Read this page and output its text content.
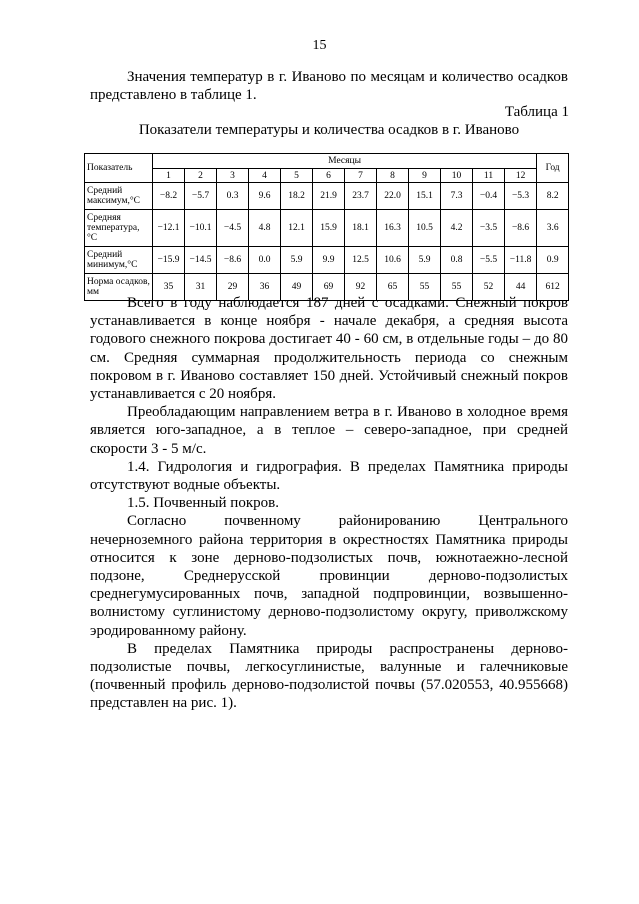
15

Значения температур в г. Иваново по месяцам и количество осадков представлено в таблице 1.

Таблица 1
Показатели температуры и количества осадков в г. Иваново
Показатель	Месяцы												Год
	1	2	3	4	5	6	7	8	9	10	11	12	
Средний максимум,°С	−8.2	−5.7	0.3	9.6	18.2	21.9	23.7	22.0	15.1	7.3	−0.4	−5.3	8.2
Средняя температура, °С	−12.1	−10.1	−4.5	4.8	12.1	15.9	18.1	16.3	10.5	4.2	−3.5	−8.6	3.6
Средний минимум,°С	−15.9	−14.5	−8.6	0.0	5.9	9.9	12.5	10.6	5.9	0.8	−5.5	−11.8	0.9
Норма осадков, мм	35	31	29	36	49	69	92	65	55	55	52	44	612

Всего в году наблюдается 187 дней с осадками. Снежный покров устанавливается в конце ноября - начале декабря, а средняя высота годового снежного покрова достигает 40 - 60 см, в отдельные годы – до 80 см. Средняя суммарная продолжительность периода со снежным покровом в г. Иваново составляет 150 дней. Устойчивый снежный покров устанавливается с 20 ноября.

Преобладающим направлением ветра в г. Иваново в холодное время является юго-западное, а в теплое – северо-западное, при средней скорости 3 - 5 м/с.

1.4. Гидрология и гидрография. В пределах Памятника природы отсутствуют водные объекты.

1.5. Почвенный покров.

Согласно почвенному районированию Центрального нечерноземного района территория в окрестностях Памятника природы относится к зоне дерново-подзолистых почв, южнотаежно-лесной подзоне, Среднерусской провинции дерново-подзолистых среднегумусированных почв, западной подпровинции, возвышенно-волнистому суглинистому дерново-подзолистому округу, приволжскому эродированному району.

В пределах Памятника природы распространены дерново-подзолистые почвы, легкосуглинистые, валунные и галечниковые (почвенный профиль дерново-подзолистой почвы (57.020553, 40.955668) представлен на рис. 1).
